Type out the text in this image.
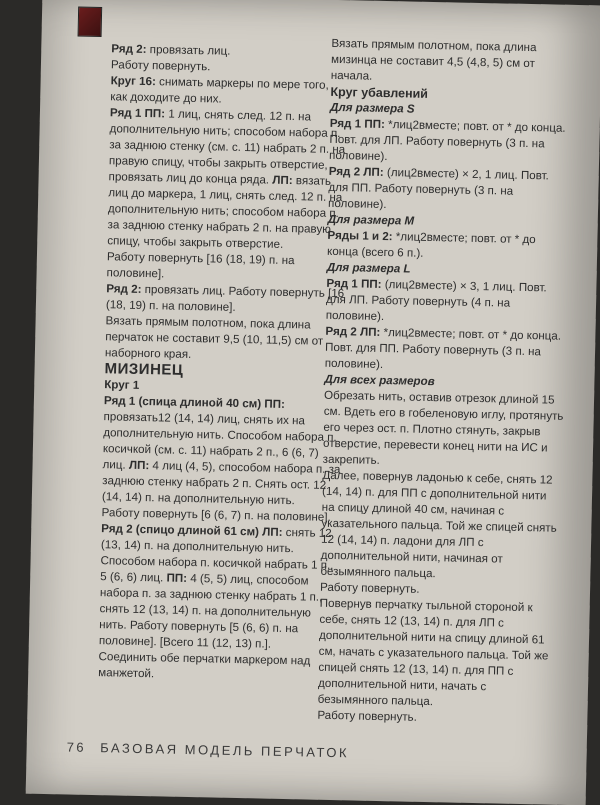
Ряд 2: провязать лиц.

Работу повернуть.

Круг 16: снимать маркеры по мере того, как доходите до них.

Ряд 1 ПП: 1 лиц, снять след. 12 п. на дополнительную нить; способом набора п. за заднюю стенку (см. с. 11) набрать 2 п. на правую спицу, чтобы закрыть отверстие, провязать лиц до конца ряда. ЛП: вязать лиц до маркера, 1 лиц, снять след. 12 п. на дополнительную нить; способом набора п. за заднюю стенку набрать 2 п. на правую спицу, чтобы закрыть отверстие.

Работу повернуть [16 (18, 19) п. на половине].

Ряд 2: провязать лиц. Работу повернуть [16 (18, 19) п. на половине].

Вязать прямым полотном, пока длина перчаток не составит 9,5 (10, 11,5) см от наборного края.

МИЗИНЕЦ

Круг 1

Ряд 1 (спица длиной 40 см) ПП: провязать12 (14, 14) лиц, снять их на дополнительную нить. Способом набора п. косичкой (см. с. 11) набрать 2 п., 6 (6, 7) лиц. ЛП: 4 лиц (4, 5), способом набора п. за заднюю стенку набрать 2 п. Снять ост. 12 (14, 14) п. на дополнительную нить.

Работу повернуть [6 (6, 7) п. на половине].

Ряд 2 (спицо длиной 61 см) ЛП: снять 12 (13, 14) п. на дополнительную нить. Способом набора п. косичкой набрать 1 п., 5 (6, 6) лиц. ПП: 4 (5, 5) лиц, способом набора п. за заднюю стенку набрать 1 п., снять 12 (13, 14) п. на дополнительную нить. Работу повернуть [5 (6, 6) п. на половине]. [Всего 11 (12, 13) п.].

Соединить обе перчатки маркером над манжетой.

Вязать прямым полотном, пока длина мизинца не составит 4,5 (4,8, 5) см от начала.

Круг убавлений

Для размера S

Ряд 1 ПП: *лиц2вместе; повт. от * до конца. Повт. для ЛП. Работу повернуть (3 п. на половине).

Ряд 2 ЛП: (лиц2вместе) × 2, 1 лиц. Повт. для ПП. Работу повернуть (3 п. на половине).

Для размера M

Ряды 1 и 2: *лиц2вместе; повт. от * до конца (всего 6 п.).

Для размера L

Ряд 1 ПП: (лиц2вместе) × 3, 1 лиц. Повт. для ЛП. Работу повернуть (4 п. на половине).

Ряд 2 ЛП: *лиц2вместе; повт. от * до конца. Повт. для ПП. Работу повернуть (3 п. на половине).

Для всех размеров

Обрезать нить, оставив отрезок длиной 15 см. Вдеть его в гобеленовую иглу, протянуть его через ост. п. Плотно стянуть, закрыв отверстие, перевести конец нити на ИС и закрепить.

Далее, повернув ладонью к себе, снять 12 (14, 14) п. для ПП с дополнительной нити на спицу длиной 40 см, начиная с указательного пальца. Той же спицей снять 12 (14, 14) п. ладони для ЛП с дополнительной нити, начиная от безымянного пальца.

Работу повернуть.

Повернув перчатку тыльной стороной к себе, снять 12 (13, 14) п. для ЛП с дополнительной нити на спицу длиной 61 см, начать с указательного пальца. Той же спицей снять 12 (13, 14) п. для ПП с дополнительной нити, начать с безымянного пальца.

Работу повернуть.

76 БАЗОВАЯ МОДЕЛЬ ПЕРЧАТОК
